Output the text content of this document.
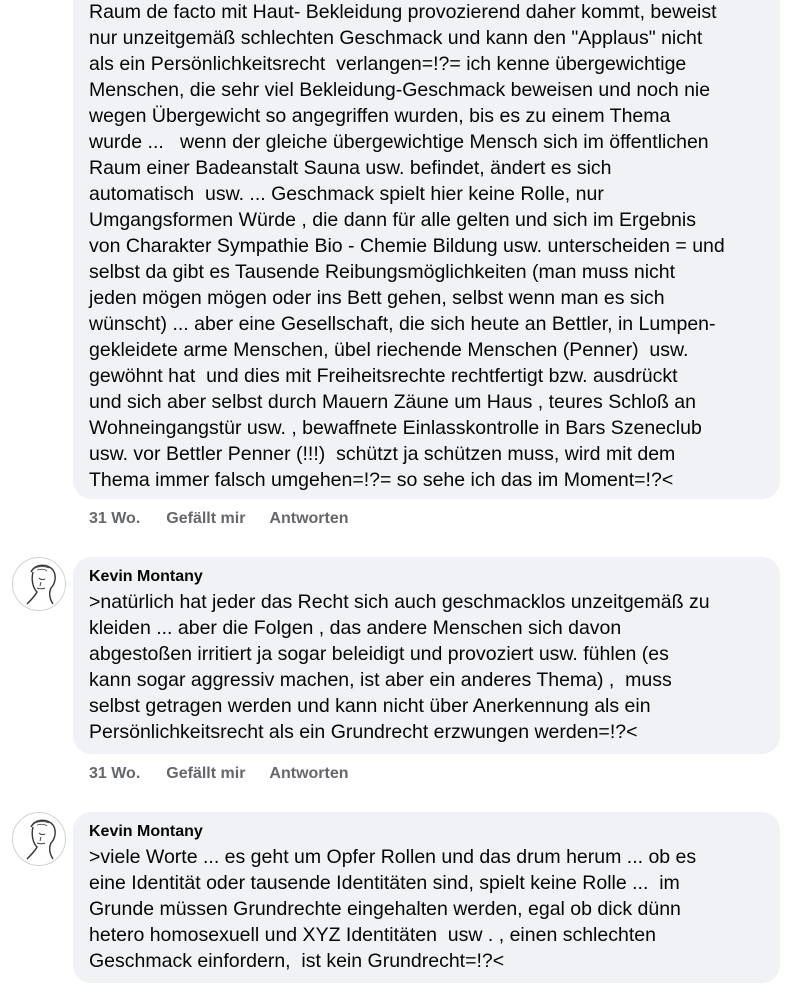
Raum de facto mit Haut- Bekleidung provozierend daher kommt, beweist
nur unzeitgemäß schlechten Geschmack und kann den "Applaus" nicht
als ein Persönlichkeitsrecht  verlangen=!?= ich kenne übergewichtige
Menschen, die sehr viel Bekleidung-Geschmack beweisen und noch nie
wegen Übergewicht so angegriffen wurden, bis es zu einem Thema
wurde ...   wenn der gleiche übergewichtige Mensch sich im öffentlichen
Raum einer Badeanstalt Sauna usw. befindet, ändert es sich
automatisch  usw. ... Geschmack spielt hier keine Rolle, nur
Umgangsformen Würde , die dann für alle gelten und sich im Ergebnis
von Charakter Sympathie Bio - Chemie Bildung usw. unterscheiden = und
selbst da gibt es Tausende Reibungsmöglichkeiten (man muss nicht
jeden mögen mögen oder ins Bett gehen, selbst wenn man es sich
wünscht) ... aber eine Gesellschaft, die sich heute an Bettler, in Lumpen-
gekleidete arme Menschen, übel riechende Menschen (Penner)  usw.
gewöhnt hat  und dies mit Freiheitsrechte rechtfertigt bzw. ausdrückt
und sich aber selbst durch Mauern Zäune um Haus , teures Schloß an
Wohneingangstür usw. , bewaffnete Einlasskontrolle in Bars Szeneclub
usw. vor Bettler Penner (!!!)  schützt ja schützen muss, wird mit dem
Thema immer falsch umgehen=!?= so sehe ich das im Moment=!?<
31 Wo. Gefällt mir Antworten
Kevin Montany
>natürlich hat jeder das Recht sich auch geschmacklos unzeitgemäß zu
kleiden ... aber die Folgen , das andere Menschen sich davon
abgestoßen irritiert ja sogar beleidigt und provoziert usw. fühlen (es
kann sogar aggressiv machen, ist aber ein anderes Thema) ,  muss
selbst getragen werden und kann nicht über Anerkennung als ein
Persönlichkeitsrecht als ein Grundrecht erzwungen werden=!?<
31 Wo. Gefällt mir Antworten
Kevin Montany
>viele Worte ... es geht um Opfer Rollen und das drum herum ... ob es
eine Identität oder tausende Identitäten sind, spielt keine Rolle ...  im
Grunde müssen Grundrechte eingehalten werden, egal ob dick dünn
hetero homosexuell und XYZ Identitäten  usw . , einen schlechten
Geschmack einfordern,  ist kein Grundrecht=!?<
